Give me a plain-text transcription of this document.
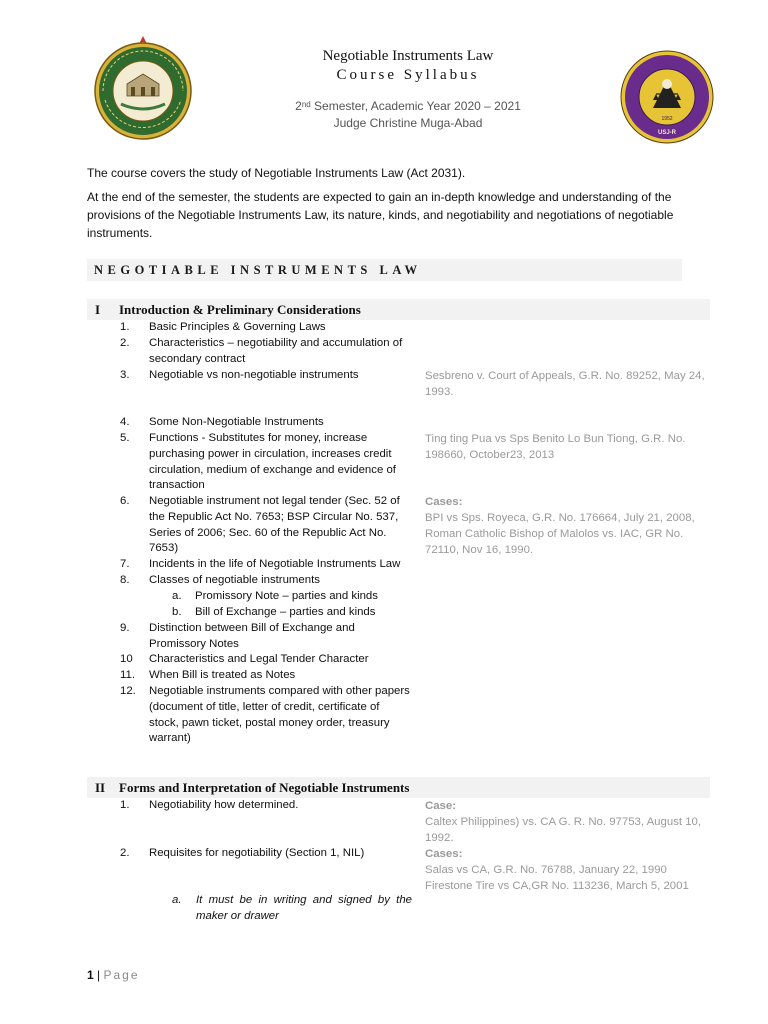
Negotiable Instruments Law
Course Syllabus
2nd Semester, Academic Year 2020 – 2021
Judge Christine Muga-Abad
USJ-R
1952

The course covers the study of Negotiable Instruments Law (Act 2031).

At the end of the semester, the students are expected to gain an in-depth knowledge and understanding of the provisions of the Negotiable Instruments Law, its nature, kinds, and negotiability and negotiations of negotiable instruments.

NEGOTIABLE INSTRUMENTS LAW
I Introduction & Preliminary Considerations
1. Basic Principles & Governing Laws
2. Characteristics – negotiability and accumulation of secondary contract
3. Negotiable vs non-negotiable instruments
4. Some Non-Negotiable Instruments
5. Functions - Substitutes for money, increase purchasing power in circulation, increases credit circulation, medium of exchange and evidence of transaction
6. Negotiable instrument not legal tender (Sec. 52 of the Republic Act No. 7653; BSP Circular No. 537, Series of 2006; Sec. 60 of the Republic Act No. 7653)
7. Incidents in the life of Negotiable Instruments Law
8. Classes of negotiable instruments
a. Promissory Note – parties and kinds
b. Bill of Exchange – parties and kinds
9. Distinction between Bill of Exchange and Promissory Notes
10 Characteristics and Legal Tender Character
11. When Bill is treated as Notes
12. Negotiable instruments compared with other papers (document of title, letter of credit, certificate of stock, pawn ticket, postal money order, treasury warrant)
Sesbreno v. Court of Appeals, G.R. No. 89252, May 24, 1993.
Ting ting Pua vs Sps Benito Lo Bun Tiong, G.R. No. 198660, October23, 2013
Cases:
BPI vs Sps. Royeca, G.R. No. 176664, July 21, 2008, Roman Catholic Bishop of Malolos vs. IAC, GR No. 72110, Nov 16, 1990.
II Forms and Interpretation of Negotiable Instruments
1. Negotiability how determined.
2. Requisites for negotiability (Section 1, NIL)
a. It must be in writing and signed by the maker or drawer
Case:
Caltex Philippines) vs. CA G. R. No. 97753, August 10, 1992.
Cases:
Salas vs CA, G.R. No. 76788, January 22, 1990 Firestone Tire vs CA,GR No. 113236, March 5, 2001
1 | Page
